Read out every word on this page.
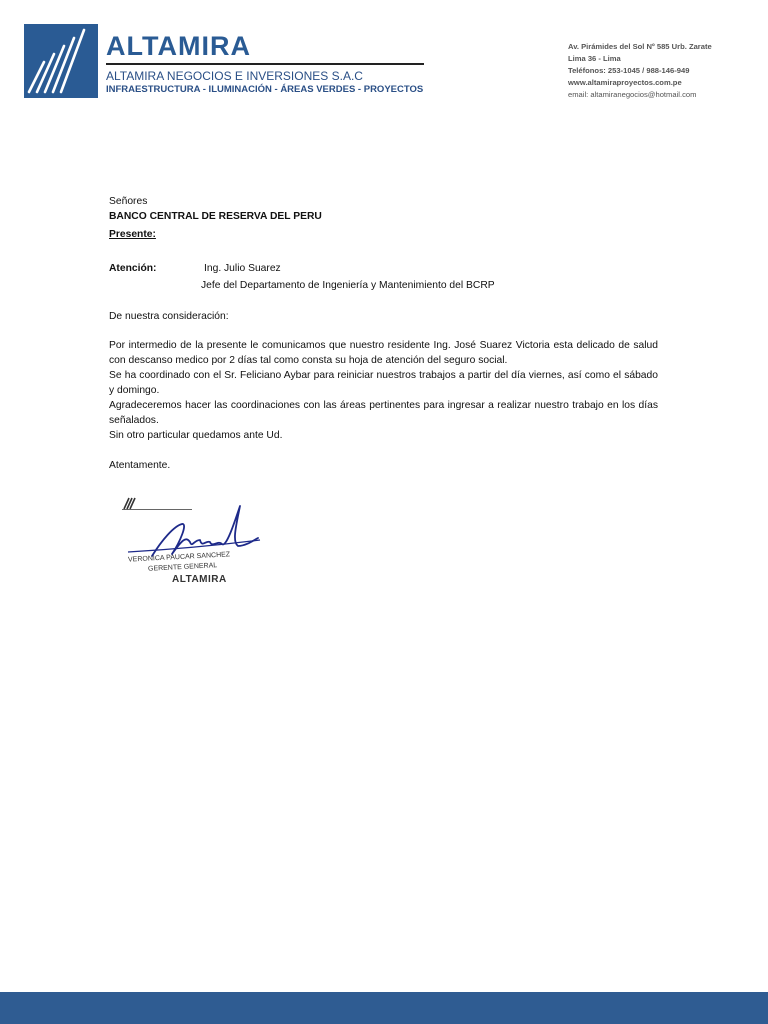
ALTAMIRA
ALTAMIRA NEGOCIOS E INVERSIONES S.A.C
INFRAESTRUCTURA - ILUMINACIÓN - ÁREAS VERDES - PROYECTOS
Av. Pirámides del Sol Nº 585 Urb. Zarate
Lima 36 - Lima
Teléfonos: 253-1045 / 988-146-949
www.altamiraproyectos.com.pe
email: altamiranegocios@hotmail.com
Señores
BANCO CENTRAL DE RESERVA DEL PERU
Presente:
Atención:	Ing. Julio Suarez
Jefe del Departamento de Ingeniería y Mantenimiento del BCRP
De nuestra consideración:
Por intermedio de la presente le comunicamos que nuestro residente Ing. José Suarez Victoria esta delicado de salud con descanso medico por 2 días tal como consta su hoja de atención del seguro social.
Se ha coordinado con el Sr. Feliciano Aybar para reiniciar nuestros trabajos a partir del día viernes, así como el sábado y domingo.
Agradeceremos hacer las coordinaciones con las áreas pertinentes para ingresar a realizar nuestro trabajo en los días señalados.
Sin otro particular quedamos ante Ud.
Atentamente.
VERONICA PAUCAR SANCHEZ
GERENTE GENERAL
ALTAMIRA
